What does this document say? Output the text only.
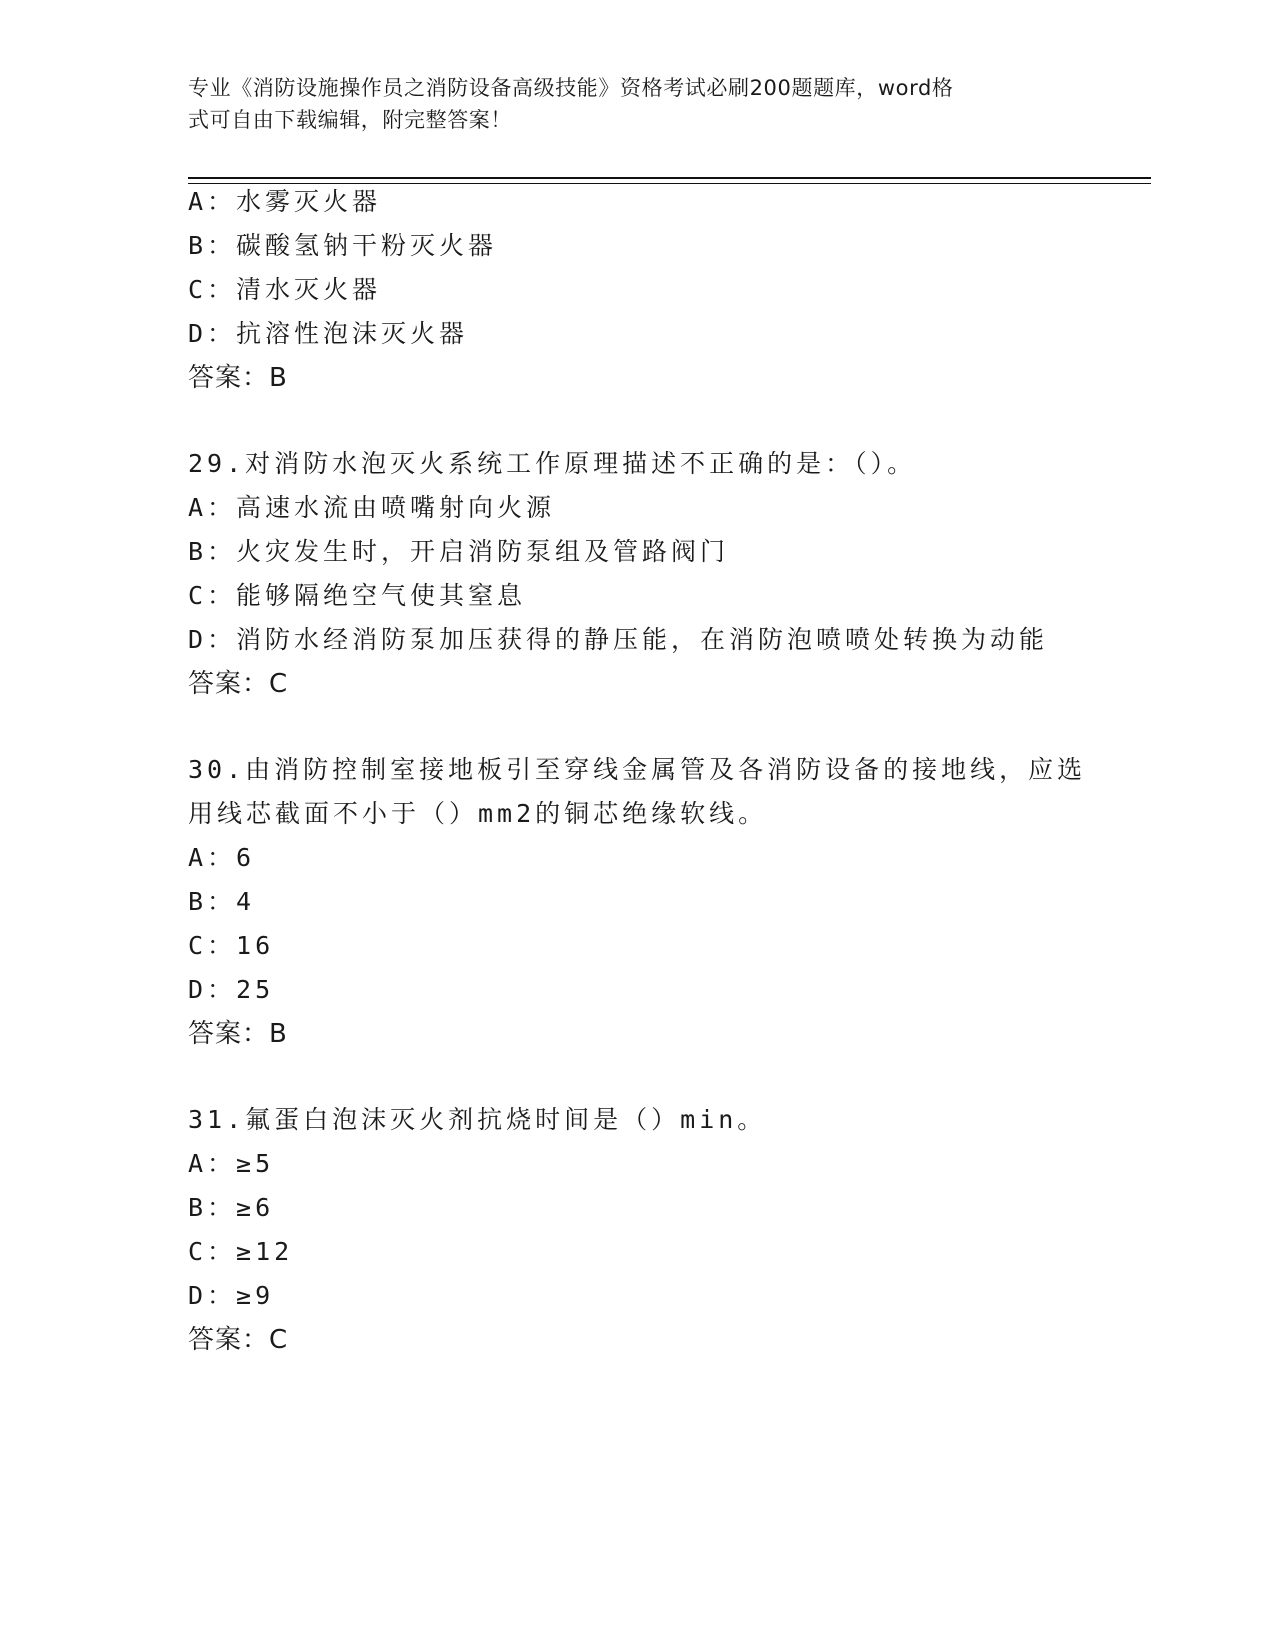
专业《消防设施操作员之消防设备高级技能》资格考试必刷200题题库，word格
式可自由下载编辑，附完整答案！
A：水雾灭火器
B：碳酸氢钠干粉灭火器
C：清水灭火器
D：抗溶性泡沫灭火器
答案：B
29.对消防水泡灭火系统工作原理描述不正确的是：（）。
A：高速水流由喷嘴射向火源
B：火灾发生时，开启消防泵组及管路阀门
C：能够隔绝空气使其窒息
D：消防水经消防泵加压获得的静压能，在消防泡喷喷处转换为动能
答案：C
30.由消防控制室接地板引至穿线金属管及各消防设备的接地线，应选
用线芯截面不小于（）mm2的铜芯绝缘软线。
A：6
B：4
C：16
D：25
答案：B
31.氟蛋白泡沫灭火剂抗烧时间是（）min。
A：≥5
B：≥6
C：≥12
D：≥9
答案：C
